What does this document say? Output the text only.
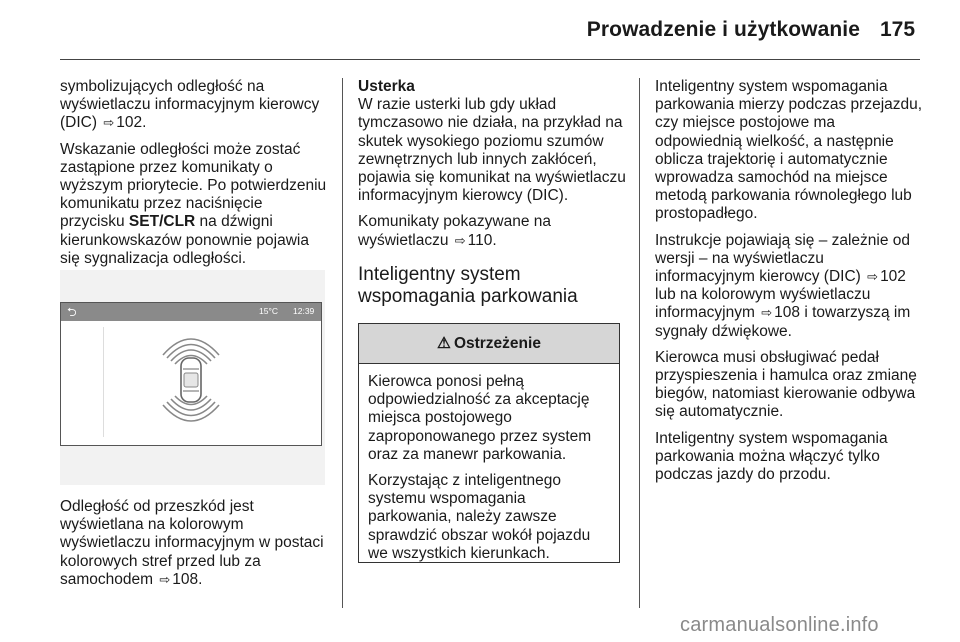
Prowadzenie i użytkowanie 175

symbolizujących odległość na wyświetlaczu informacyjnym kierowcy (DIC) ⇨ 102.

Wskazanie odległości może zostać zastąpione przez komunikaty o wyższym priorytecie. Po potwierdzeniu komunikatu przez naciśnięcie przycisku SET/CLR na dźwigni kierunkowskazów ponownie pojawia się sygnalizacja odległości.

⮌	15°C 12:39

Odległość od przeszkód jest wyświetlana na kolorowym wyświetlaczu informacyjnym w postaci kolorowych stref przed lub za samochodem ⇨ 108.

Usterka

W razie usterki lub gdy układ tymczasowo nie działa, na przykład na skutek wysokiego poziomu szumów zewnętrznych lub innych zakłóceń, pojawia się komunikat na wyświetlaczu informacyjnym kierowcy (DIC).

Komunikaty pokazywane na wyświetlaczu ⇨ 110.

Inteligentny system wspomagania parkowania

⚠ Ostrzeżenie

Kierowca ponosi pełną odpowiedzialność za akceptację miejsca postojowego zaproponowanego przez system oraz za manewr parkowania.

Korzystając z inteligentnego systemu wspomagania parkowania, należy zawsze sprawdzić obszar wokół pojazdu we wszystkich kierunkach.

Inteligentny system wspomagania parkowania mierzy podczas przejazdu, czy miejsce postojowe ma odpowiednią wielkość, a następnie oblicza trajektorię i automatycznie wprowadza samochód na miejsce metodą parkowania równoległego lub prostopadłego.

Instrukcje pojawiają się – zależnie od wersji – na wyświetlaczu informacyjnym kierowcy (DIC) ⇨ 102 lub na kolorowym wyświetlaczu informacyjnym ⇨ 108 i towarzyszą im sygnały dźwiękowe.

Kierowca musi obsługiwać pedał przyspieszenia i hamulca oraz zmianę biegów, natomiast kierowanie odbywa się automatycznie.

Inteligentny system wspomagania parkowania można włączyć tylko podczas jazdy do przodu.

carmanualsonline.info
